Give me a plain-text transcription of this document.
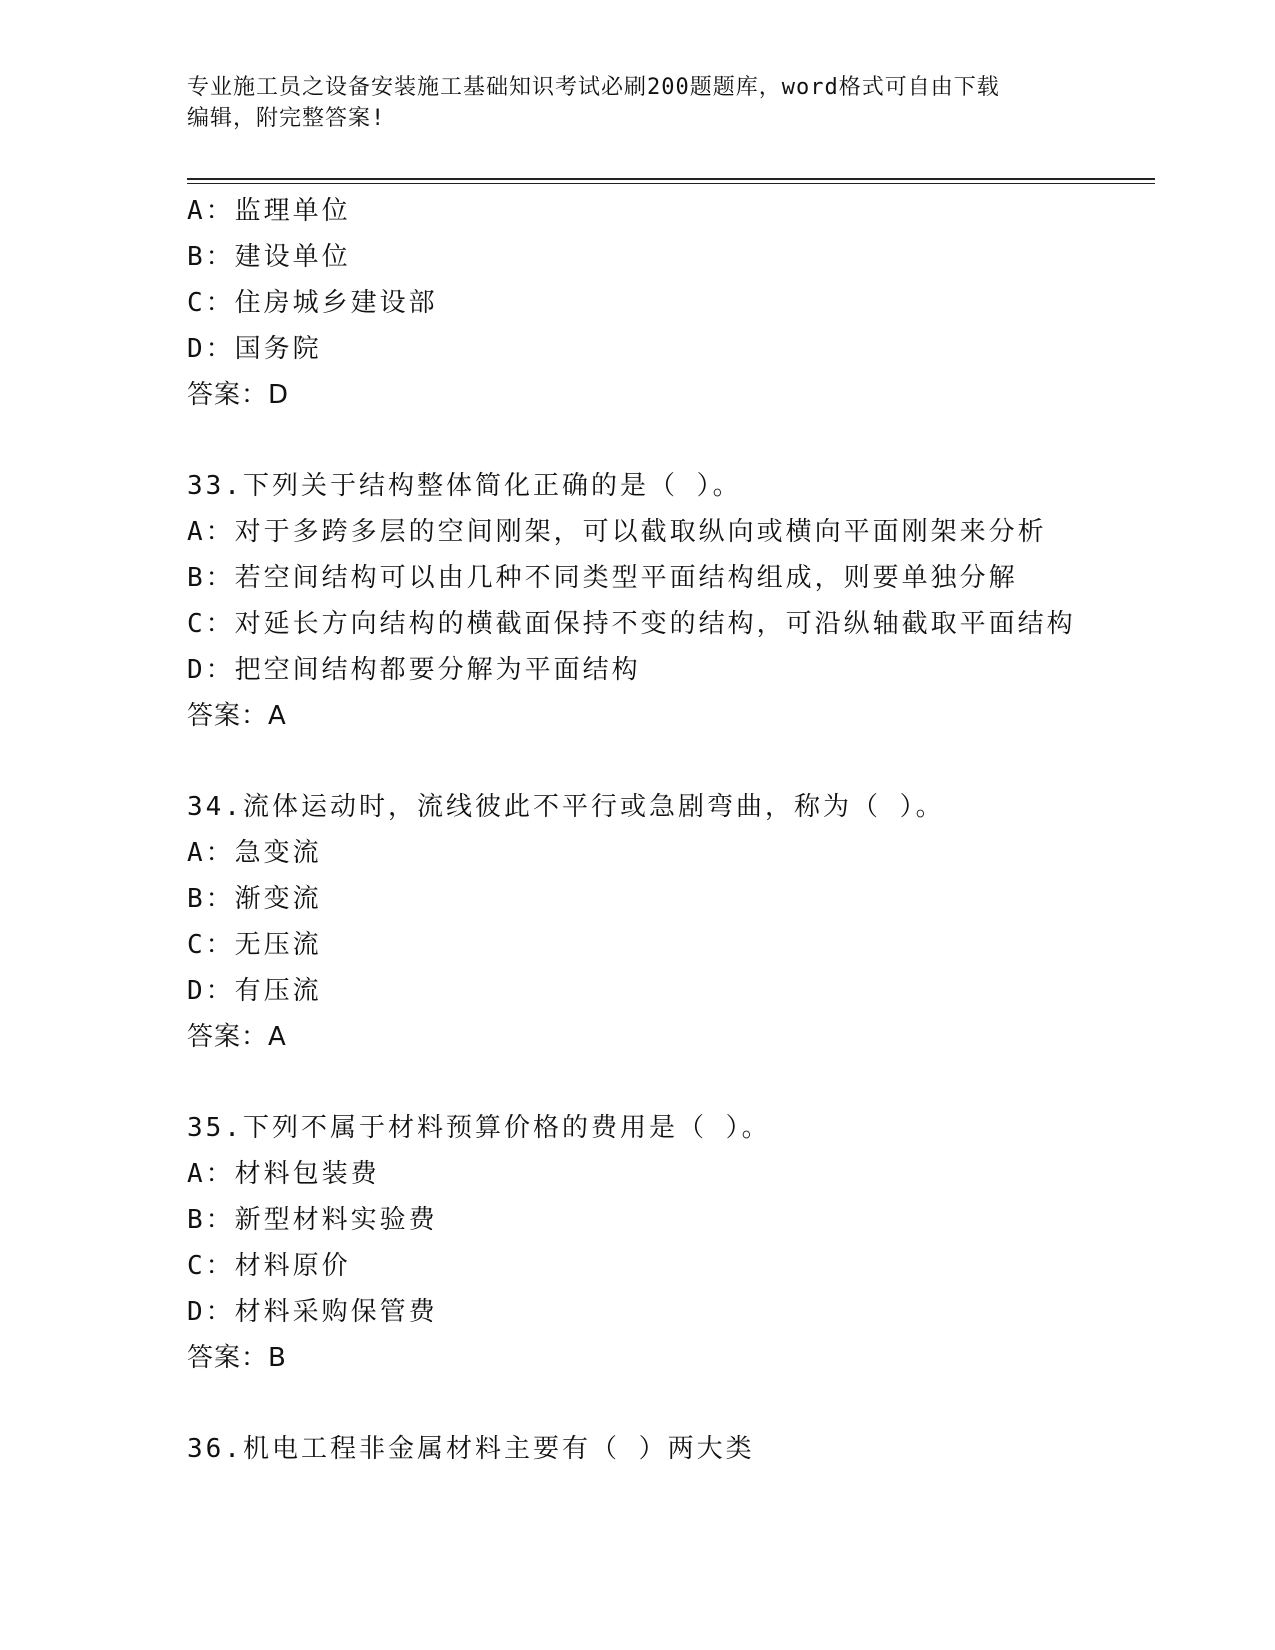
专业施工员之设备安装施工基础知识考试必刷200题题库，word格式可自由下载
编辑，附完整答案!
A：监理单位
B：建设单位
C：住房城乡建设部
D：国务院
答案：D
33.下列关于结构整体简化正确的是（ ）。
A：对于多跨多层的空间刚架，可以截取纵向或横向平面刚架来分析
B：若空间结构可以由几种不同类型平面结构组成，则要单独分解
C：对延长方向结构的横截面保持不变的结构，可沿纵轴截取平面结构
D：把空间结构都要分解为平面结构
答案：A
34.流体运动时，流线彼此不平行或急剧弯曲，称为（ ）。
A：急变流
B：渐变流
C：无压流
D：有压流
答案：A
35.下列不属于材料预算价格的费用是（ ）。
A：材料包装费
B：新型材料实验费
C：材料原价
D：材料采购保管费
答案：B
36.机电工程非金属材料主要有（ ）两大类
